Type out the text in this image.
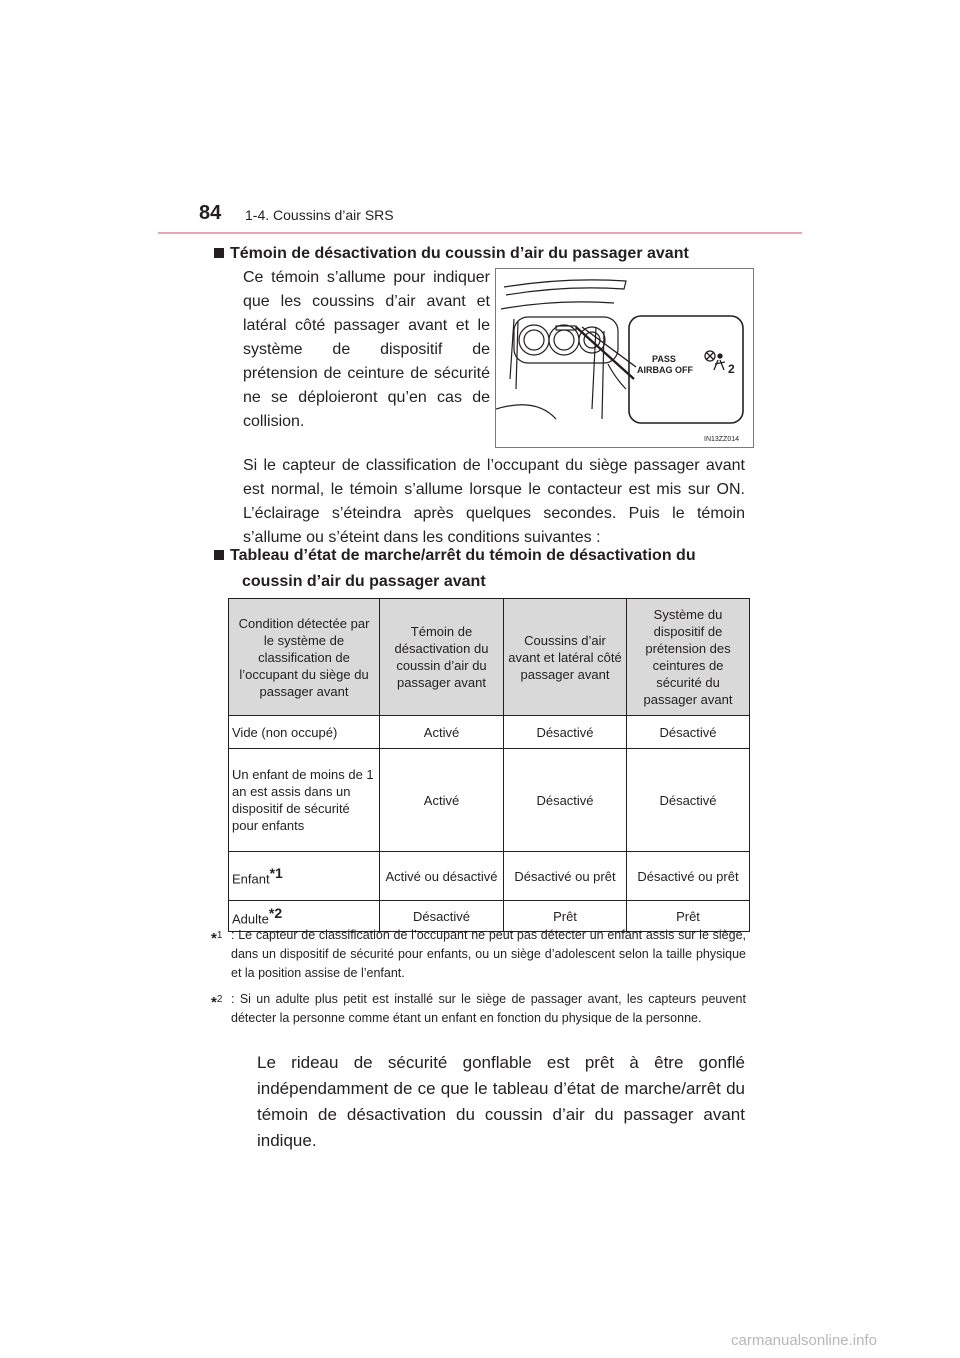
84 1-4. Coussins d’air SRS
Témoin de désactivation du coussin d’air du passager avant
Ce témoin s’allume pour indiquer que les coussins d’air avant et latéral côté passager avant et le système de dispositif de prétension de ceinture de sécurité ne se déploieront qu’en cas de collision.
PASS
AIRBAG OFF	2
IN13ZZ014
Si le capteur de classification de l’occupant du siège passager avant est normal, le témoin s’allume lorsque le contacteur est mis sur ON. L’éclairage s’éteindra après quelques secondes. Puis le témoin s’allume ou s’éteint dans les conditions suivantes :
Tableau d’état de marche/arrêt du témoin de désactivation du
coussin d’air du passager avant
Condition détectée par le système de classification de l’occupant du siège du passager avant	Témoin de désactivation du coussin d’air du passager avant	Coussins d’air avant et latéral côté passager avant	Système du dispositif de prétension des ceintures de sécurité du passager avant
Vide (non occupé)	Activé	Désactivé	Désactivé
Un enfant de moins de 1 an est assis dans un dispositif de sécurité pour enfants	Activé	Désactivé	Désactivé
Enfant$^{*1}$	Activé ou désactivé	Désactivé ou prêt	Désactivé ou prêt
Adulte$^{*2}$	Désactivé	Prêt	Prêt
*$^1$ : Le capteur de classification de l’occupant ne peut pas détecter un enfant assis sur le siège, dans un dispositif de sécurité pour enfants, ou un siège d’adolescent selon la taille physique et la position assise de l’enfant.
*$^2$ : Si un adulte plus petit est installé sur le siège de passager avant, les capteurs peuvent détecter la personne comme étant un enfant en fonction du physique de la personne.
Le rideau de sécurité gonflable est prêt à être gonflé indépendamment de ce que le tableau d’état de marche/arrêt du témoin de désactivation du coussin d’air du passager avant indique.
carmanualsonline.info
